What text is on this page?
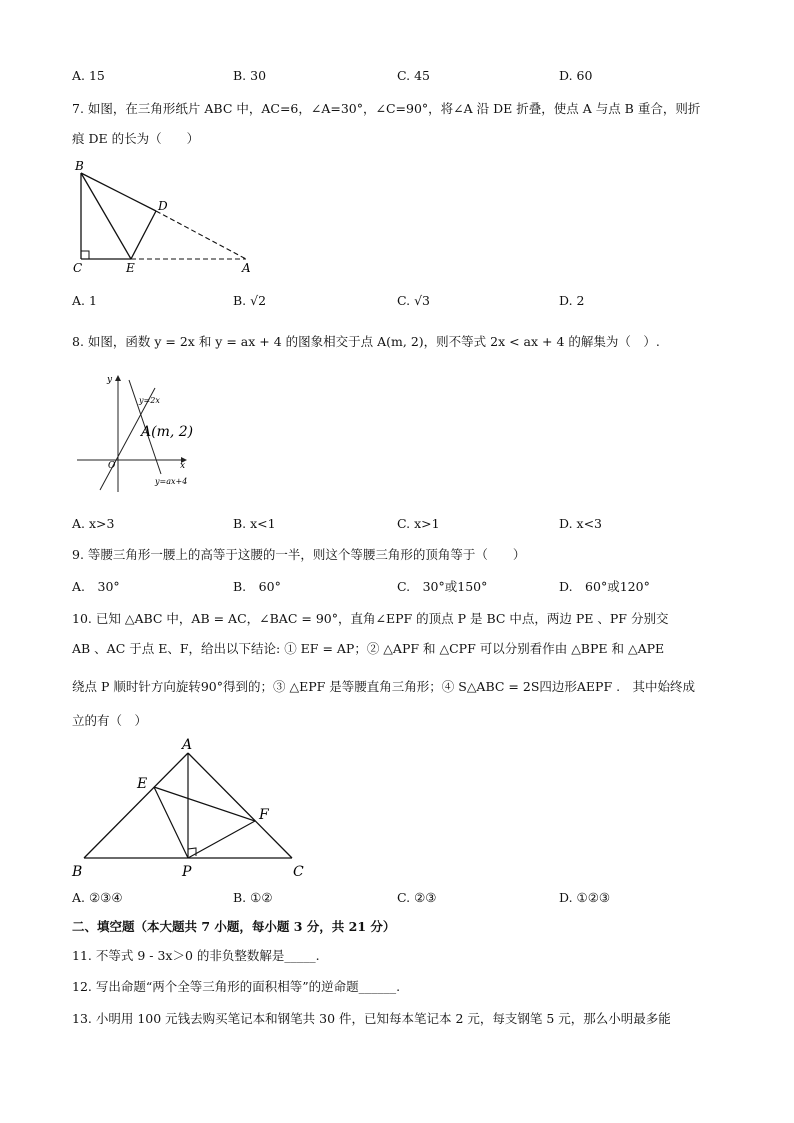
A. 15	B. 30	C. 45	D. 60
7. 如图，在三角形纸片 ABC 中，AC=6，∠A=30°，∠C=90°，将∠A 沿 DE 折叠，使点 A 与点 B 重合，则折
痕 DE 的长为（　　）
B
C	E
D
A
A. 1	B. √2	C. √3	D. 2
8. 如图，函数 y = 2x 和 y = ax + 4 的图象相交于点 A(m, 2)，则不等式 2x < ax + 4 的解集为（　）.
y
x
O
y=2x
A(m, 2)
y=ax+4
A. x>3	B. x<1	C. x>1	D. x<3
9. 等腰三角形一腰上的高等于这腰的一半，则这个等腰三角形的顶角等于（　　）
A.　30°	B.　60°	C.　30°或150°	D.　60°或120°
10. 已知 △ABC 中，AB = AC，∠BAC = 90°，直角∠EPF 的顶点 P 是 BC 中点，两边 PE 、PF 分别交
AB 、AC 于点 E、F，给出以下结论: ① EF = AP；② △APF 和 △CPF 可以分别看作由 △BPE 和 △APE
绕点 P 顺时针方向旋转90°得到的；③ △EPF 是等腰直角三角形；④ S△ABC = 2S四边形AEPF .　其中始终成
立的有（　）
A
E
F
B	P	C
A. ②③④	B. ①②	C. ②③	D. ①②③
二、填空题（本大题共 7 小题，每小题 3 分，共 21 分）
11. 不等式 9 - 3x＞0 的非负整数解是_____.
12. 写出命题“两个全等三角形的面积相等”的逆命题______.
13. 小明用 100 元钱去购买笔记本和钢笔共 30 件，已知每本笔记本 2 元，每支钢笔 5 元，那么小明最多能
